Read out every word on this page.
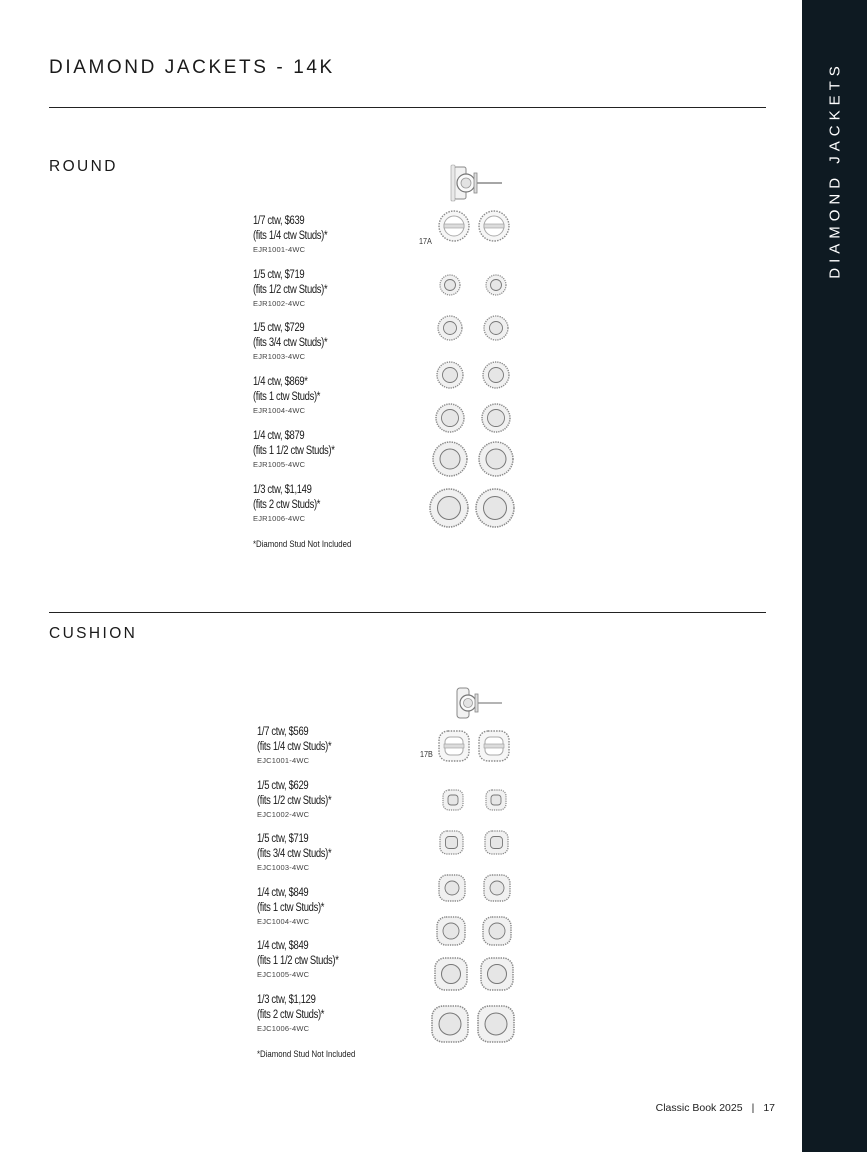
DIAMOND JACKETS
DIAMOND JACKETS - 14K
ROUND
1/7 ctw, $639
(fits 1/4 ctw Studs)*
EJR1001-4WC
1/5 ctw, $719
(fits 1/2 ctw Studs)*
EJR1002-4WC
1/5 ctw, $729
(fits 3/4 ctw Studs)*
EJR1003-4WC
1/4 ctw, $869*
(fits 1 ctw Studs)*
EJR1004-4WC
1/4 ctw, $879
(fits 1 1/2 ctw Studs)*
EJR1005-4WC
1/3 ctw, $1,149
(fits 2 ctw Studs)*
EJR1006-4WC
*Diamond Stud Not Included
17A
CUSHION
1/7 ctw, $569
(fits 1/4 ctw Studs)*
EJC1001-4WC
1/5 ctw, $629
(fits 1/2 ctw Studs)*
EJC1002-4WC
1/5 ctw, $719
(fits 3/4 ctw Studs)*
EJC1003-4WC
1/4 ctw, $849
(fits 1 ctw Studs)*
EJC1004-4WC
1/4 ctw, $849
(fits 1 1/2 ctw Studs)*
EJC1005-4WC
1/3 ctw, $1,129
(fits 2 ctw Studs)*
EJC1006-4WC
*Diamond Stud Not Included
17B
Classic Book 2025 | 17
